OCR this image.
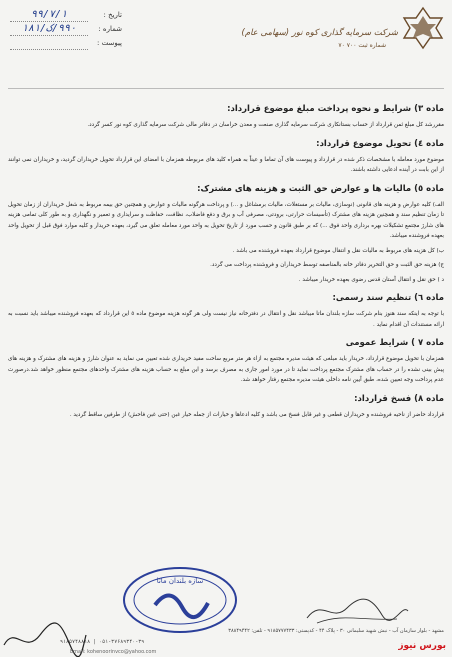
شرکت سرمایه گذاری کوه نور (سهامی عام)
شماره ثبت ۷۰۰ ۷۰
تاریخ :
۹۹/۷/۱
شماره :
۹۹۰/ک/۱۸۱
پیوست :
ماده ۳) شرایط و نحوه پرداخت مبلغ موضوع قرارداد:

مقررشد کل مبلغ ثمن قرارداد از حساب بستانکاری شرکت سرمایه گذاری صنعت و معدن خراسان در دفاتر مالی شرکت سرمایه گذاری کوه نور کسر گردد.

ماده ٤) تحویل موضوع قرارداد:

موضوع مورد معامله با مشخصات ذکر شده در قرارداد و پیوست های آن تماما و عیناً به همراه کلید های مربوطه همزمان با امضای این قرارداد تحویل خریداران گردید، و خریداران نمی توانند از این بابت در آینده ادعایی داشته باشند.

ماده ٥) مالیات ها و عوارض حق الثبت و هزینه های مشترک:

الف) کلیه عوارض و هزینه های قانونی (نوسازی، مالیات بر مستغلات، مالیات برمشاغل و ...) و پرداخت هرگونه مالیات و عوارض و همچنین حق بیمه مربوط به شغل خریداران از زمان تحویل تا زمان تنظیم سند و همچنین هزینه های مشترک (تأسیسات حرارتی، برودتی، مصرفی آب و برق و دفع فاضلاب، نظافت، حفاظت و سرایداری و تعمیر و نگهداری و به طور کلی تمامی هزینه های شارژ مجتمع تشکیلات بهره برداری واحد فوق ...) که بر طبق قانون و حسب مورد از تاریخ تحویل به واحد مورد معامله تعلق می گیرد، بعهده خریدار و کلیه موارد فوق قبل از تحویل واحد بعهده فروشنده میباشد.

ب) کل هزینه های مربوط به مالیات نقل و انتقال موضوع قرارداد بعهده فروشنده می باشد .
ج) هزینه حق الثبت و حق التحریر دفاتر خانه بالمناصفه توسط خریداران و فروشنده پرداخت می گردد.
د ) حق نقل و انتقال آستان قدس رضوی بعهده خریدار میباشد .
ماده ٦) تنظیم سند رسمی:

با توجه به اینکه سند هنوز بنام شرکت سازه بلندان ماتا میباشد نقل و انتقال در دفترخانه نیاز نیست ولی هر گونه هزینه موضوع ماده ٥ این قرارداد که بعهده فروشنده میباشد باید نسبت به ارائه مستندات آن اقدام نماید .

ماده ۷ ) شرایط عمومی

همزمان با تحویل موضوع قرارداد، خریدار باید مبلغی که هیئت مدیره مجتمع به ازاء هر متر مربع ساحت مفید خریداری شده تعیین می نماید به عنوان شارژ و هزینه های مشترک و هزینه های پیش بینی نشده را در حساب های مشترک مجتمع پرداخت نماید تا در مورد امور جاری به مصرف برسد و این مبلغ به حساب هزینه های مشترک واحدهای مجتمع منظور خواهد شد.درصورت عدم پرداخت وجه تعیین شده، طبق آیین نامه داخلی هیئت مدیره مجتمع رفتار خواهد شد.

ماده ۸) فسخ قرارداد:

قرارداد حاضر از ناحیه فروشنده و خریداران قطعی و غیر قابل فسخ می باشد و کلیه ادعاها و خیارات از جمله خیار غبن (حتی غبن فاحش) از طرفین ساقط گردید .

سازه بلندان ماتا
مشهد - بلوار سازمان آب - نبش شهید سلیمانی ۳۰ - پلاک ۴۴ - کدپستی: ۹۱۸۵۷۷۷۴۳۳ - تلفن: ۳۸۸۴۹۴۴۲
۰۵۱-۳۷۶۸۹۳۴۰-۳۹ | ۹۱۸۵۷۴۸۸۱۸
Email: kohenoorinvco@yahoo.com
بورس نیوز
